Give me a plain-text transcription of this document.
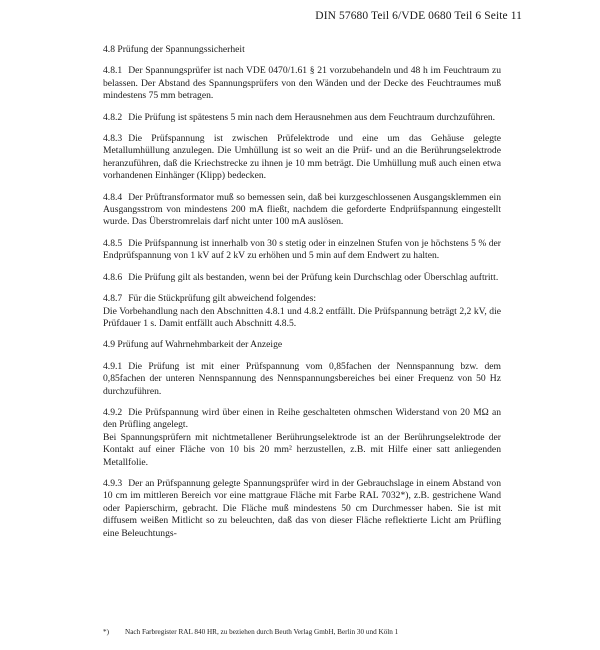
DIN 57680 Teil 6/VDE 0680 Teil 6 Seite 11
4.8 Prüfung der Spannungssicherheit

4.8.1 Der Spannungsprüfer ist nach VDE 0470/1.61 § 21 vorzubehandeln und 48 h im Feuchtraum zu belassen. Der Abstand des Spannungsprüfers von den Wänden und der Decke des Feuchtraumes muß mindestens 75 mm betragen.

4.8.2 Die Prüfung ist spätestens 5 min nach dem Herausnehmen aus dem Feuchtraum durchzuführen.

4.8.3 Die Prüfspannung ist zwischen Prüfelektrode und eine um das Gehäuse gelegte Metallumhüllung anzulegen. Die Umhüllung ist so weit an die Prüf- und an die Berührungselektrode heranzuführen, daß die Kriechstrecke zu ihnen je 10 mm beträgt. Die Umhüllung muß auch einen etwa vorhandenen Einhänger (Klipp) bedecken.

4.8.4 Der Prüftransformator muß so bemessen sein, daß bei kurzgeschlossenen Ausgangsklemmen ein Ausgangsstrom von mindestens 200 mA fließt, nachdem die geforderte Endprüfspannung eingestellt wurde. Das Überstromrelais darf nicht unter 100 mA auslösen.

4.8.5 Die Prüfspannung ist innerhalb von 30 s stetig oder in einzelnen Stufen von je höchstens 5 % der Endprüfspannung von 1 kV auf 2 kV zu erhöhen und 5 min auf dem Endwert zu halten.

4.8.6 Die Prüfung gilt als bestanden, wenn bei der Prüfung kein Durchschlag oder Überschlag auftritt.

4.8.7 Für die Stückprüfung gilt abweichend folgendes:

Die Vorbehandlung nach den Abschnitten 4.8.1 und 4.8.2 entfällt. Die Prüfspannung beträgt 2,2 kV, die Prüfdauer 1 s. Damit entfällt auch Abschnitt 4.8.5.

4.9 Prüfung auf Wahrnehmbarkeit der Anzeige

4.9.1 Die Prüfung ist mit einer Prüfspannung vom 0,85fachen der Nennspannung bzw. dem 0,85fachen der unteren Nennspannung des Nennspannungsbereiches bei einer Frequenz von 50 Hz durchzuführen.

4.9.2 Die Prüfspannung wird über einen in Reihe geschalteten ohmschen Widerstand von 20 MΩ an den Prüfling angelegt.

Bei Spannungsprüfern mit nichtmetallener Berührungselektrode ist an der Berührungselektrode der Kontakt auf einer Fläche von 10 bis 20 mm² herzustellen, z.B. mit Hilfe einer satt anliegenden Metallfolie.

4.9.3 Der an Prüfspannung gelegte Spannungsprüfer wird in der Gebrauchslage in einem Abstand von 10 cm im mittleren Bereich vor eine mattgraue Fläche mit Farbe RAL 7032*), z.B. gestrichene Wand oder Papierschirm, gebracht. Die Fläche muß mindestens 50 cm Durchmesser haben. Sie ist mit diffusem weißen Mitlicht so zu beleuchten, daß das von dieser Fläche reflektierte Licht am Prüfling eine Beleuchtungs-

*) Nach Farbregister RAL 840 HR, zu beziehen durch Beuth Verlag GmbH, Berlin 30 und Köln 1
